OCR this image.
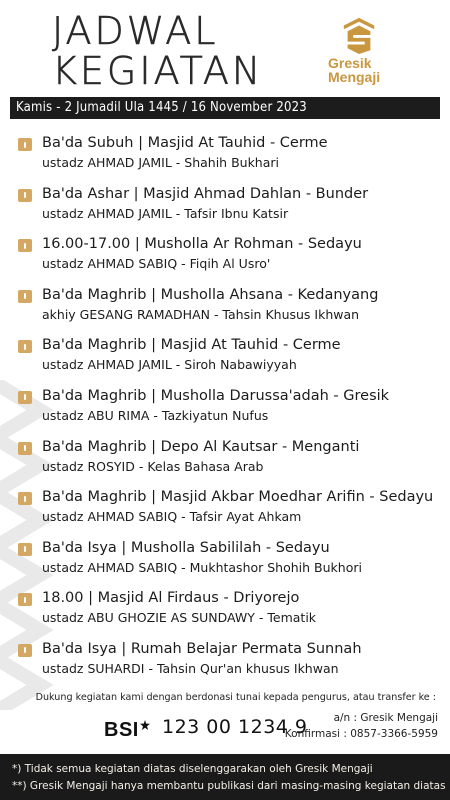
JADWAL
KEGIATAN	Gresik
Mengaji
Kamis - 2 Jumadil Ula 1445 / 16 November 2023
Ba'da Subuh | Masjid At Tauhid - Cerme
ustadz AHMAD JAMIL - Shahih Bukhari
Ba'da Ashar | Masjid Ahmad Dahlan - Bunder
ustadz AHMAD JAMIL - Tafsir Ibnu Katsir
16.00-17.00 | Musholla Ar Rohman - Sedayu
ustadz AHMAD SABIQ - Fiqih Al Usro'
Ba'da Maghrib | Musholla Ahsana - Kedanyang
akhiy GESANG RAMADHAN - Tahsin Khusus Ikhwan
Ba'da Maghrib | Masjid At Tauhid - Cerme
ustadz AHMAD JAMIL - Siroh Nabawiyyah
Ba'da Maghrib | Musholla Darussa'adah - Gresik
ustadz ABU RIMA - Tazkiyatun Nufus
Ba'da Maghrib | Depo Al Kautsar - Menganti
ustadz ROSYID - Kelas Bahasa Arab
Ba'da Maghrib | Masjid Akbar Moedhar Arifin - Sedayu
ustadz AHMAD SABIQ - Tafsir Ayat Ahkam
Ba'da Isya | Musholla Sabililah - Sedayu
ustadz AHMAD SABIQ - Mukhtashor Shohih Bukhori
18.00 | Masjid Al Firdaus - Driyorejo
ustadz ABU GHOZIE AS SUNDAWY - Tematik
Ba'da Isya | Rumah Belajar Permata Sunnah
ustadz SUHARDI - Tahsin Qur'an khusus Ikhwan
Dukung kegiatan kami dengan berdonasi tunai kepada pengurus, atau transfer ke :
BSI 123 00 1234 9 a/n : Gresik Mengaji
Konfirmasi : 0857-3366-5959
*) Tidak semua kegiatan diatas diselenggarakan oleh Gresik Mengaji
**) Gresik Mengaji hanya membantu publikasi dari masing-masing kegiatan diatas
